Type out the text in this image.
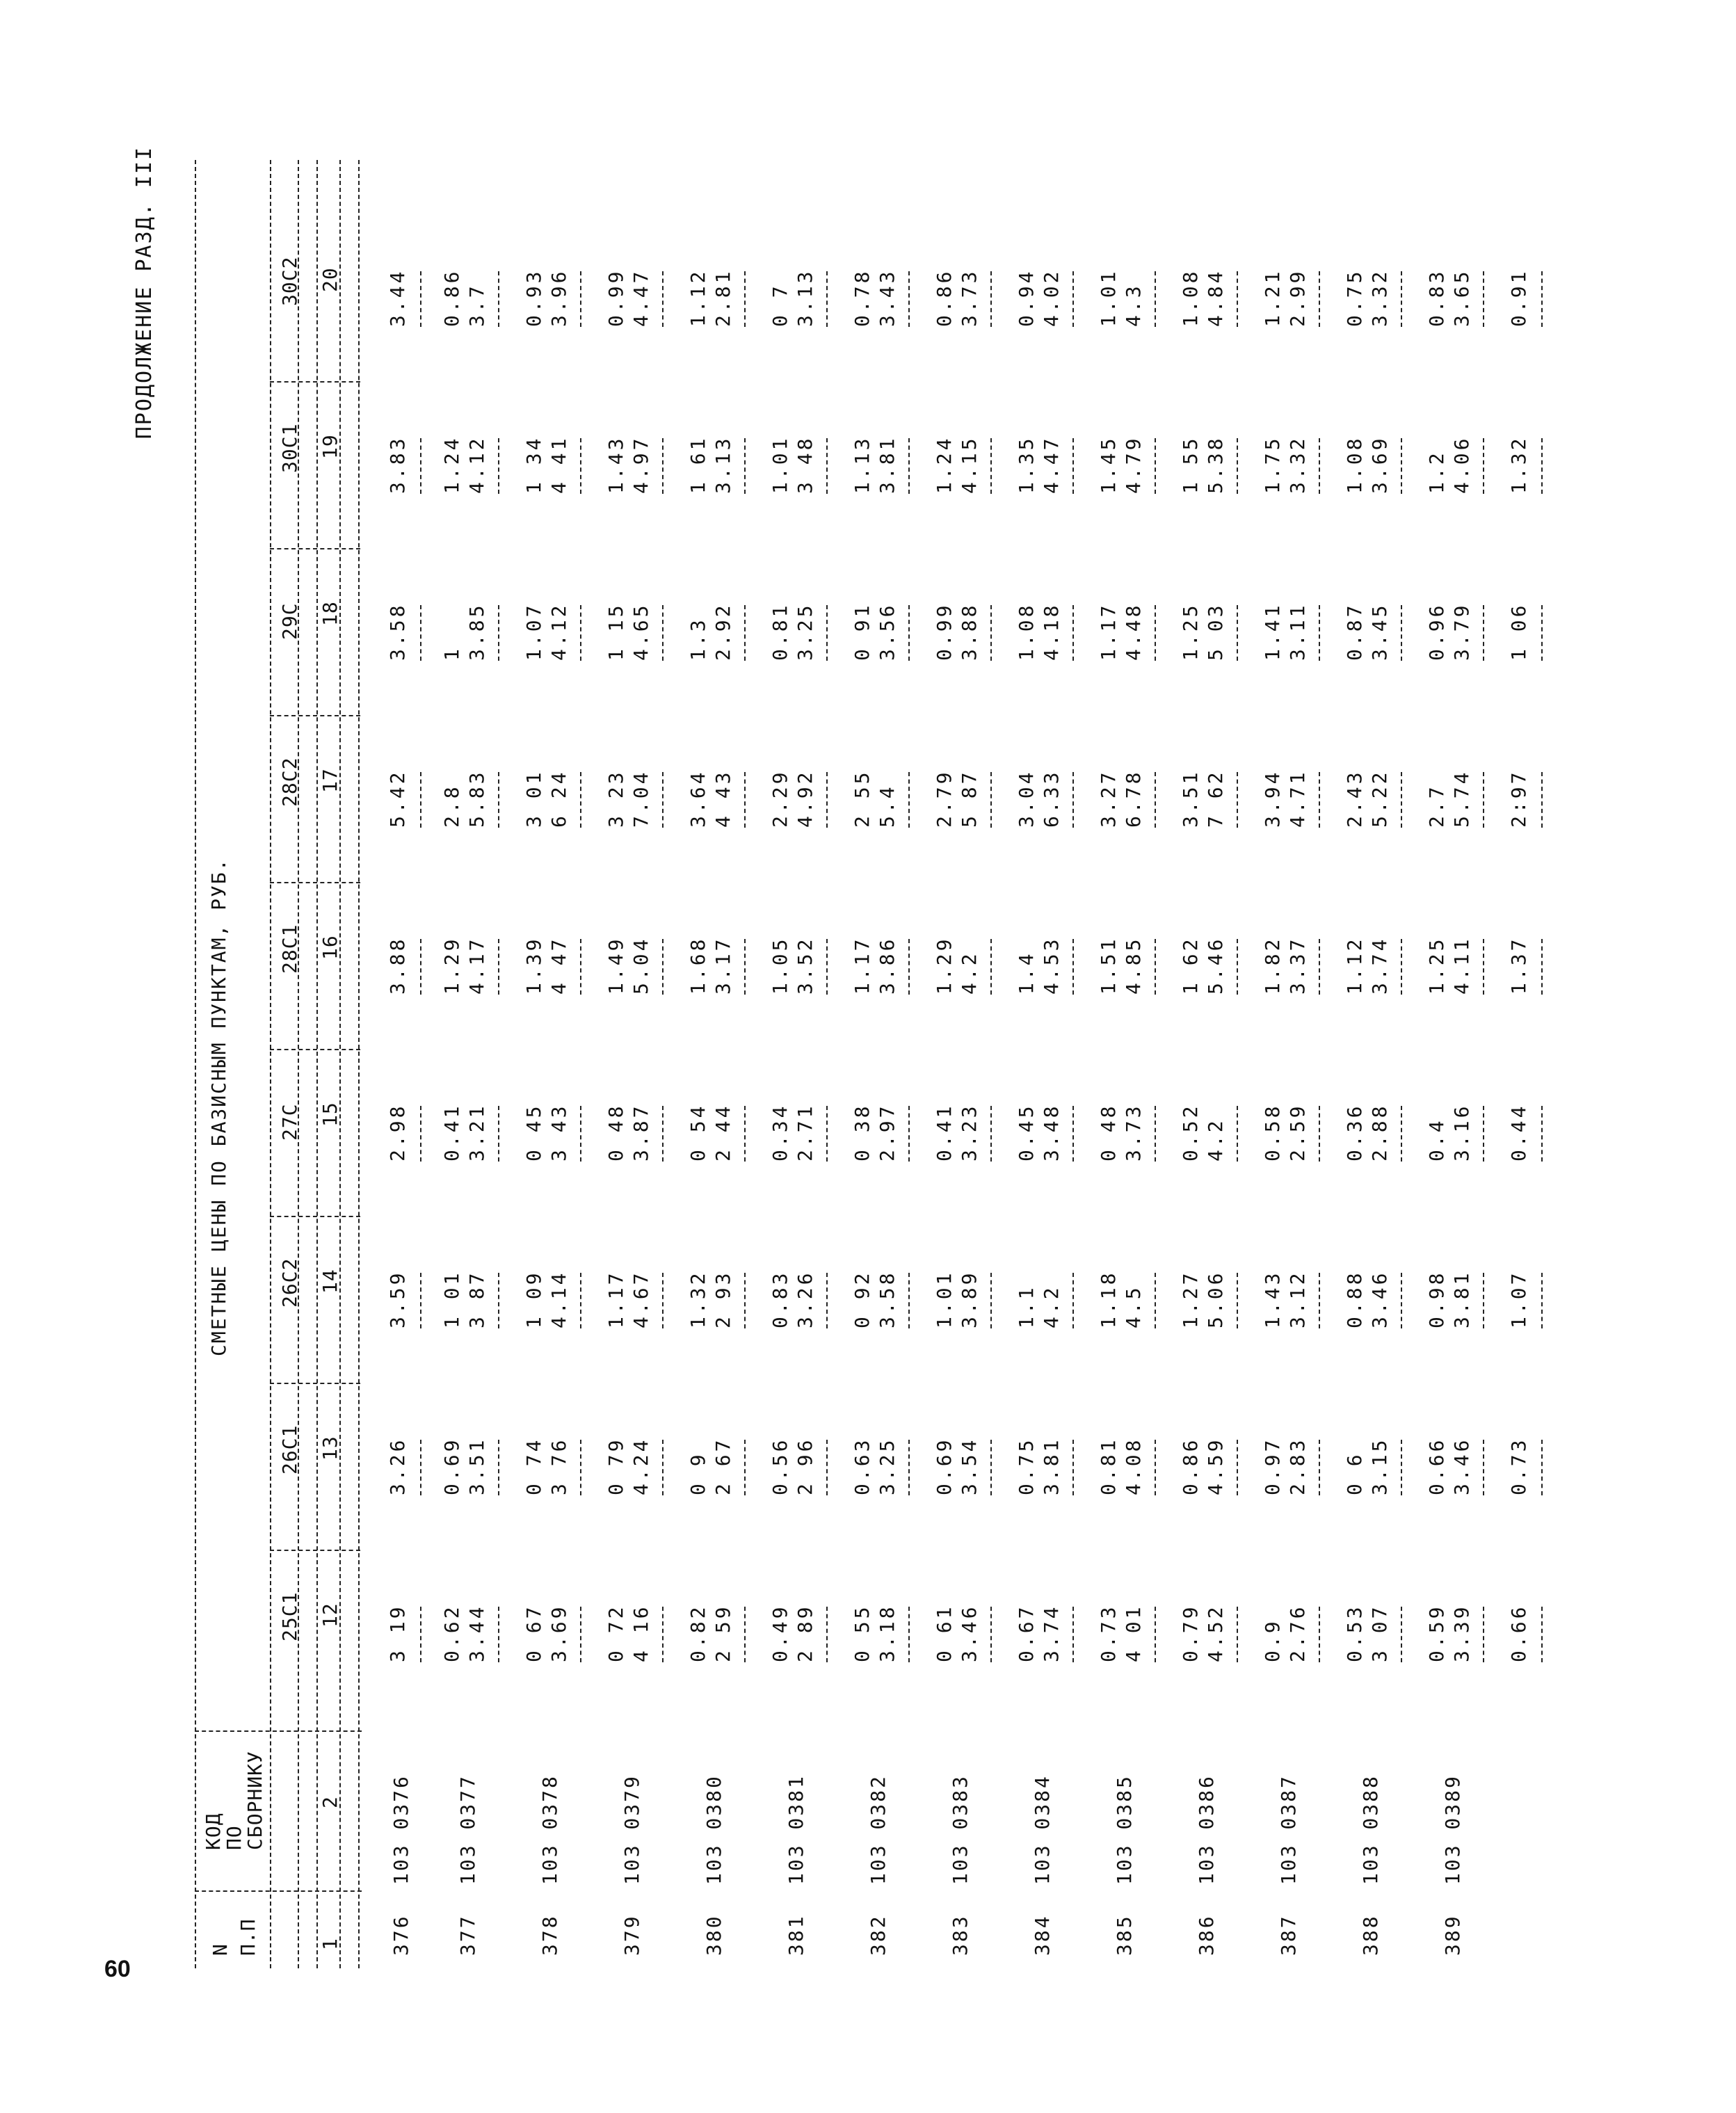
60
ПРОДОЛЖЕНИЕ РАЗД. III
N П.П
КОД
ПО
СБОРНИКУ
СМЕТНЫЕ ЦЕНЫ ПО БАЗИСНЫМ ПУНКТАМ, РУБ.
25С1
26С1
26С2
27С
28С1
28С2
29С
30С1
30С2
1
2
12
13
14
15
16
17
18
19
20
376
103 0376
3 19
3.26
3.59
2.98
3.88
5.42
3.58
3.83
3.44
377
103 0377
0.62
0.69
1 01
0.41
1.29
2.8
1
1.24
0.86
3.44
3.51
3 87
3.21
4.17
5.83
3.85
4.12
3.7
378
103 0378
0 67
0 74
1 09
0 45
1.39
3 01
1.07
1 34
0.93
3.69
3 76
4.14
3 43
4 47
6 24
4.12
4 41
3.96
379
103 0379
0 72
0 79
1.17
0 48
1.49
3 23
1 15
1.43
0.99
4 16
4.24
4.67
3.87
5.04
7.04
4.65
4.97
4.47
380
103 0380
0.82
0 9
1.32
0 54
1.68
3.64
1.3
1 61
1.12
2 59
2 67
2 93
2 44
3.17
4 43
2.92
3.13
2.81
381
103 0381
0.49
0.56
0.83
0.34
1.05
2.29
0.81
1.01
0 7
2 89
2 96
3.26
2.71
3.52
4.92
3.25
3 48
3.13
382
103 0382
0 55
0.63
0 92
0 38
1.17
2 55
0 91
1.13
0.78
3.18
3.25
3.58
2.97
3.86
5.4
3.56
3.81
3.43
383
103 0383
0 61
0.69
1.01
0.41
1.29
2.79
0.99
1.24
0.86
3.46
3.54
3.89
3.23
4.2
5 87
3.88
4.15
3.73
384
103 0384
0.67
0.75
1.1
0.45
1.4
3.04
1.08
1.35
0.94
3.74
3.81
4.2
3.48
4.53
6.33
4.18
4.47
4.02
385
103 0385
0.73
0.81
1.18
0 48
1.51
3.27
1.17
1.45
1.01
4 01
4.08
4.5
3.73
4.85
6.78
4.48
4.79
4.3
386
103 0386
0.79
0.86
1.27
0.52
1 62
3.51
1.25
1 55
1.08
4.52
4.59
5.06
4.2
5.46
7 62
5 03
5.38
4.84
387
103 0387
0.9
0.97
1.43
0.58
1.82
3.94
1.41
1.75
1.21
2.76
2.83
3.12
2.59
3.37
4.71
3.11
3.32
2.99
388
103 0388
0.53
0 6
0.88
0.36
1.12
2.43
0.87
1.08
0.75
3 07
3.15
3.46
2.88
3.74
5.22
3.45
3.69
3.32
389
103 0389
0.59
0.66
0.98
0.4
1.25
2.7
0.96
1.2
0.83
3.39
3.46
3.81
3.16
4.11
5.74
3.79
4.06
3.65
0.66
0.73
1.07
0.44
1.37
2:97
1 06
1.32
0.91
